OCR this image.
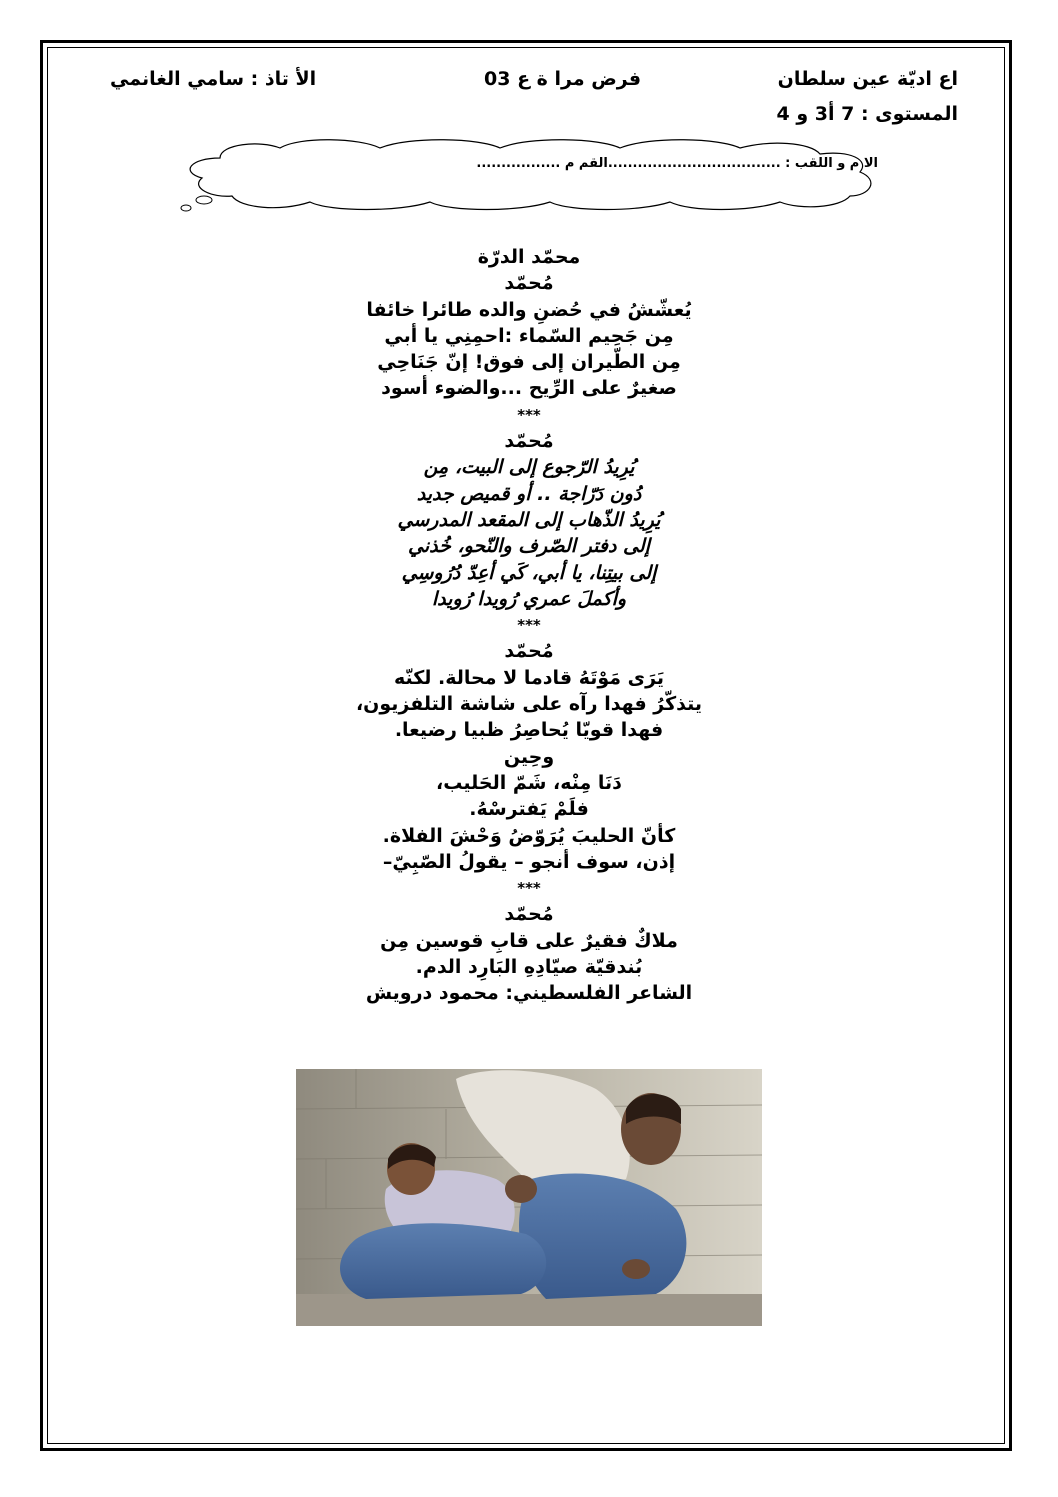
اع اديّة عين سلطان
المستوى : 7 أ3 و 4
فرض مرا ة ع 03
الأ تاذ : سامي الغانمي
الا م و اللقب : ...................................القم م .................
محمّد الدرّة
مُحمّد
يُعشّشُ في حُضنِ والده طائرا خائفا
مِن جَحِيم السّماء :احمِنِي يا أبي
مِن الطّيران إلى فوق! إنّ جَنَاحِي
صغيرٌ على الرِّيح ...والضوء أسود
***
مُحمّد
يُرِيدُ الرّجوع إلى البيت، مِن
دُون دَرّاجة .. أو قميص جديد
يُرِيدُ الذّهاب إلى المقعد المدرسي
إلى دفتر الصّرف والنّحو، خُذني
إلى بيتِنا، يا أبي، كَي أعِدّ دُرُوسِي
وأكملَ عمري رُويدا رُويدا
***
مُحمّد
يَرَى مَوْتَهُ قادما لا محالة. لكنّه
يتذكّرُ فهدا رآه على شاشة التلفزيون،
فهدا قويّا يُحاصِرُ ظبيا رضيعا.
وحِين
دَنَا مِنْه، شَمّ الحَليب،
فلَمْ يَفترسْهُ.
كأنّ الحليبَ يُرَوّضُ وَحْشَ الفلاة.
إذن، سوف أنجو – يقولُ الصّبِيّ–
***
مُحمّد
ملاكٌ فقيرٌ على قابِ قوسين مِن
بُندقيّة صيّادِهِ البَارِد الدم.
الشاعر الفلسطيني: محمود درويش
